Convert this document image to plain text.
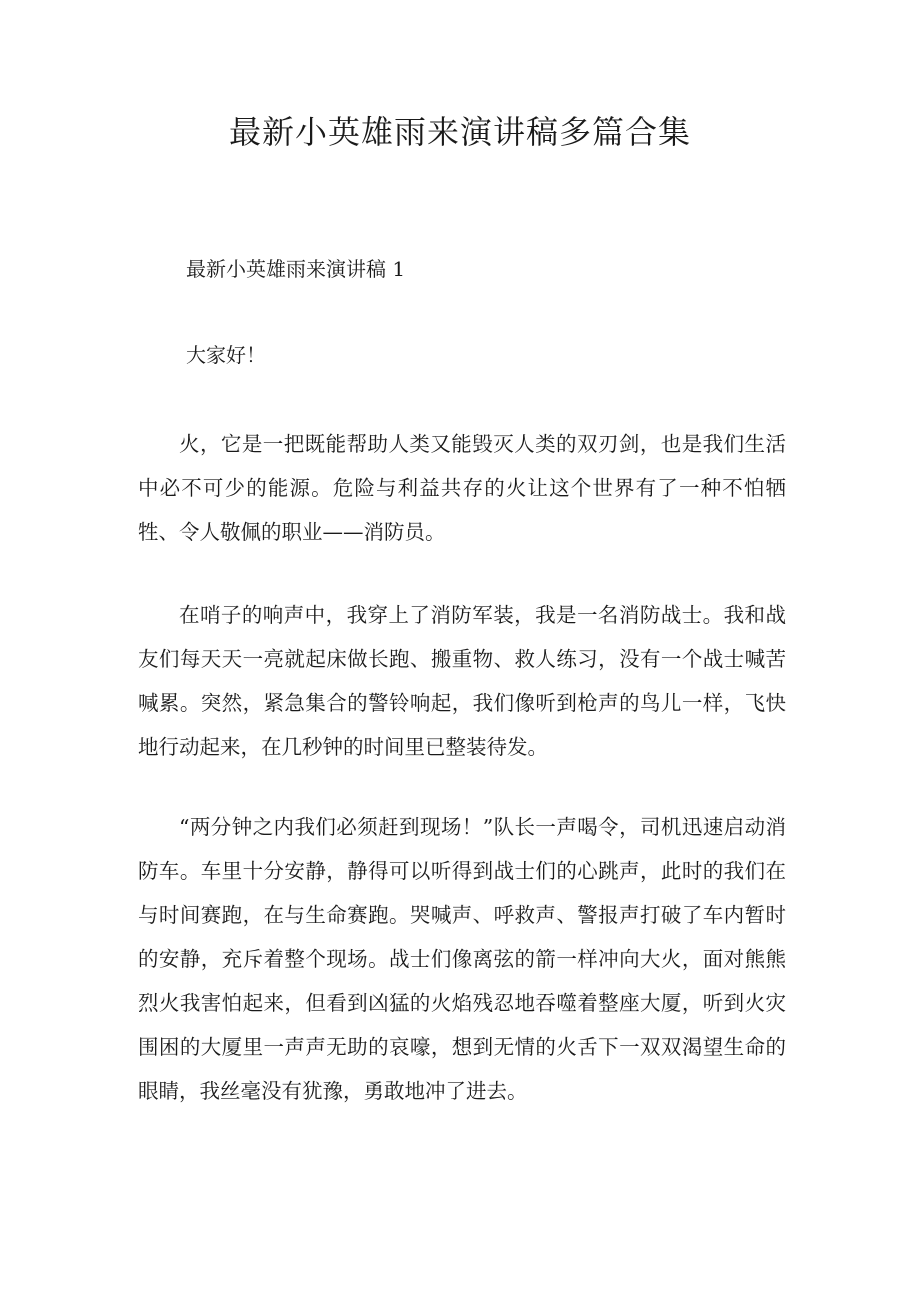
最新小英雄雨来演讲稿多篇合集

最新小英雄雨来演讲稿 1

大家好！

火，它是一把既能帮助人类又能毁灭人类的双刃剑，也是我们生活中必不可少的能源。危险与利益共存的火让这个世界有了一种不怕牺牲、令人敬佩的职业——消防员。

在哨子的响声中，我穿上了消防军装，我是一名消防战士。我和战友们每天天一亮就起床做长跑、搬重物、救人练习，没有一个战士喊苦喊累。突然，紧急集合的警铃响起，我们像听到枪声的鸟儿一样，飞快地行动起来，在几秒钟的时间里已整装待发。

“两分钟之内我们必须赶到现场！”队长一声喝令，司机迅速启动消防车。车里十分安静，静得可以听得到战士们的心跳声，此时的我们在与时间赛跑，在与生命赛跑。哭喊声、呼救声、警报声打破了车内暂时的安静，充斥着整个现场。战士们像离弦的箭一样冲向大火，面对熊熊烈火我害怕起来，但看到凶猛的火焰残忍地吞噬着整座大厦，听到火灾围困的大厦里一声声无助的哀嚎，想到无情的火舌下一双双渴望生命的眼睛，我丝毫没有犹豫，勇敢地冲了进去。
